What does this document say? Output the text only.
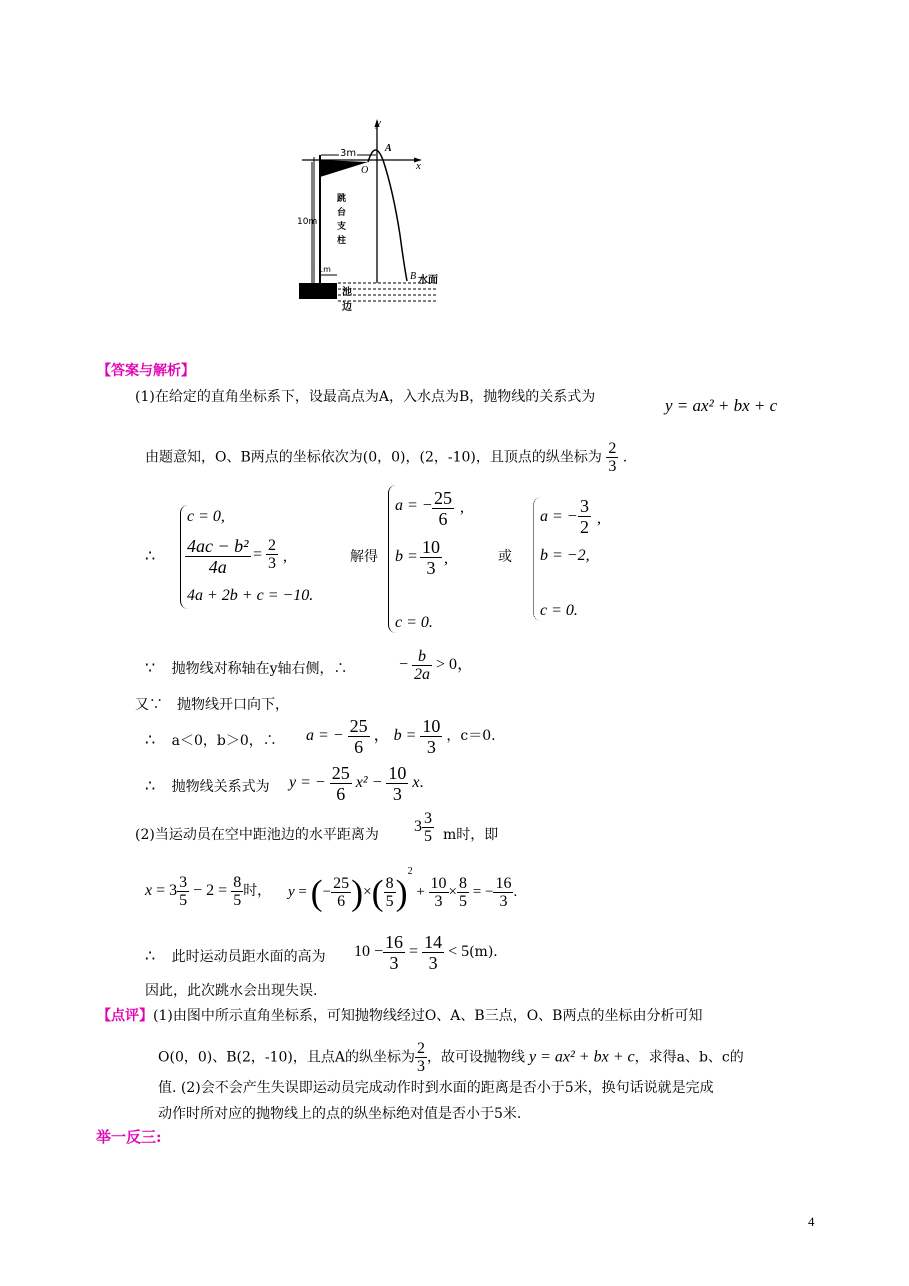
y
x
A
O
3m
10m
1m
B 水面
跳
台
支
柱
池
边
【答案与解析】
(1)在给定的直角坐标系下，设最高点为A，入水点为B，抛物线的关系式为	y = ax² + bx + c
由题意知，O、B两点的坐标依次为(0，0)，(2，-10)，且顶点的纵坐标为 $\frac{2}{3}$ .
∴
c = 0,
$\frac{\text{4ac − b²}}{4a} = \frac{2}{3}$ ,
4a + 2b + c = −10.
解得
a = − $\frac{25}{6}$ ,
$b = \frac{10}{3}$ ,
c = 0.
或
a = − $\frac{3}{2}$ ,
b = −2,
c = 0.
∵ 抛物线对称轴在y轴右侧，∴	− $\frac{b}{2a} > 0$，
又∵　抛物线开口向下，
∴ a＜0，b＞0，∴ a = − $\frac{25}{6}$ ， $b = \frac{10}{3}$ ，c＝0.
∴ 抛物线关系式为 y = − $\frac{25}{6} x^2 - \frac{10}{3} x$.
(2)当运动员在空中距池边的水平距离为 $3 \frac{3}{5}$ m时，即
$x = 3 \frac{3}{5} - 2 = \frac{8}{5}$ 时， y = (− $\frac{25}{6}$ )×( $\frac{8}{5} )^2 + \frac{10}{3} \times \frac{8}{5}$ = − $\frac{16}{3}$ .
∴ 此时运动员距水面的高为 $10 - \frac{16}{3} = \frac{14}{3} < 5(m)$.
因此，此次跳水会出现失误.
【点评】(1)由图中所示直角坐标系，可知抛物线经过O、A、B三点，O、B两点的坐标由分析可知
O(0，0)、B(2，-10)，且点A的纵坐标为 $\frac{2}{3}$ ，故可设抛物线 y = ax² + bx + c，求得a、b、c的
值. (2)会不会产生失误即运动员完成动作时到水面的距离是否小于5米，换句话说就是完成
动作时所对应的抛物线上的点的纵坐标绝对值是否小于5米.
举一反三:
4
